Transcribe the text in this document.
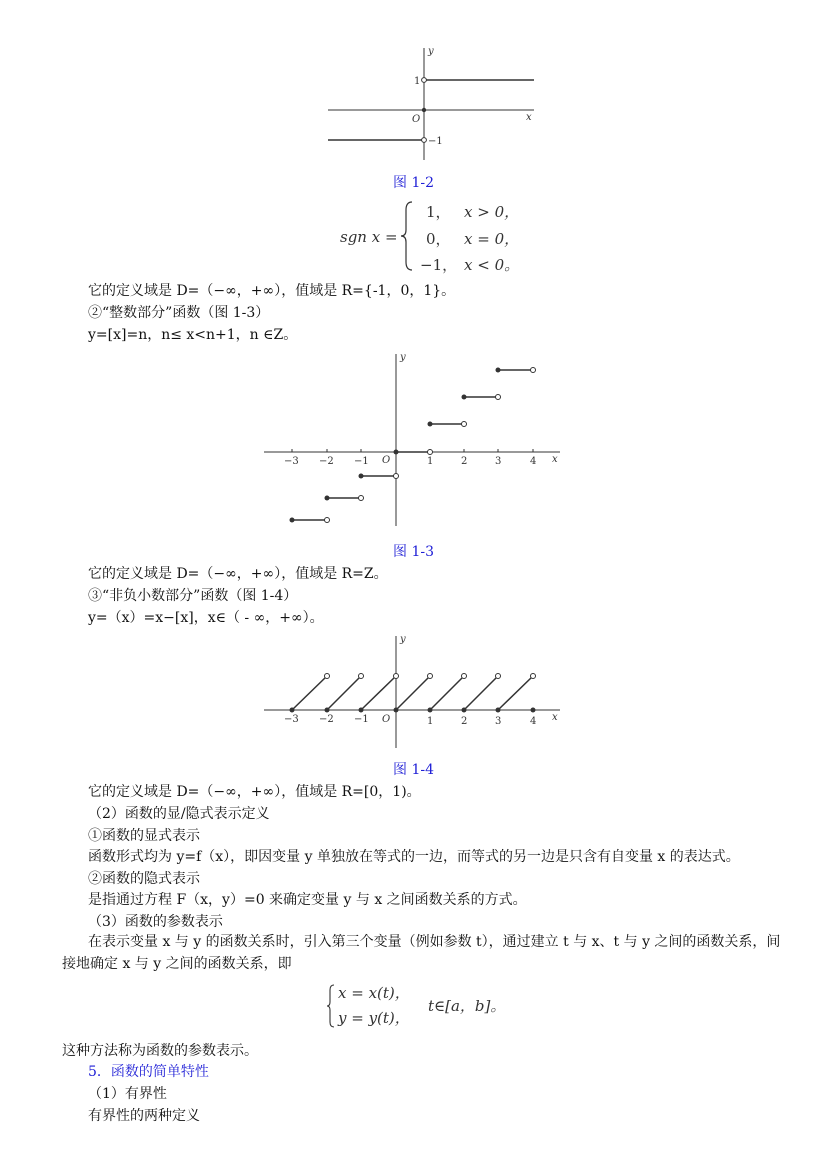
y
x
O
1
−1
图 1-2
sgn x =
1， x > 0，
0， x = 0，
−1， x < 0。
它的定义域是 D=（−∞，+∞），值域是 R={-1，0，1}。
②“整数部分”函数（图 1-3）
y=[x]=n，n≤ x<n+1，n ∈Z。
y
x
O
−3 −2 −1	1	2	3	4
图 1-3
它的定义域是 D=（−∞，+∞），值域是 R=Z。
③“非负小数部分”函数（图 1-4）
y=（x）=x−[x]，x∈（ - ∞，+∞）。
y
x
O
−3 −2 −1	1	2	3	4
图 1-4
它的定义域是 D=（−∞，+∞），值域是 R=[0，1)。
（2）函数的显/隐式表示定义
①函数的显式表示
函数形式均为 y=f（x），即因变量 y 单独放在等式的一边，而等式的另一边是只含有自变量 x 的表达式。
②函数的隐式表示
是指通过方程 F（x，y）=0 来确定变量 y 与 x 之间函数关系的方式。
（3）函数的参数表示
在表示变量 x 与 y 的函数关系时，引入第三个变量（例如参数 t），通过建立 t 与 x、t 与 y 之间的函数关系，间接地确定 x 与 y 之间的函数关系，即
x = x(t)，
y = y(t)，
t∈[a，b]。
这种方法称为函数的参数表示。
5．函数的简单特性
（1）有界性
有界性的两种定义
